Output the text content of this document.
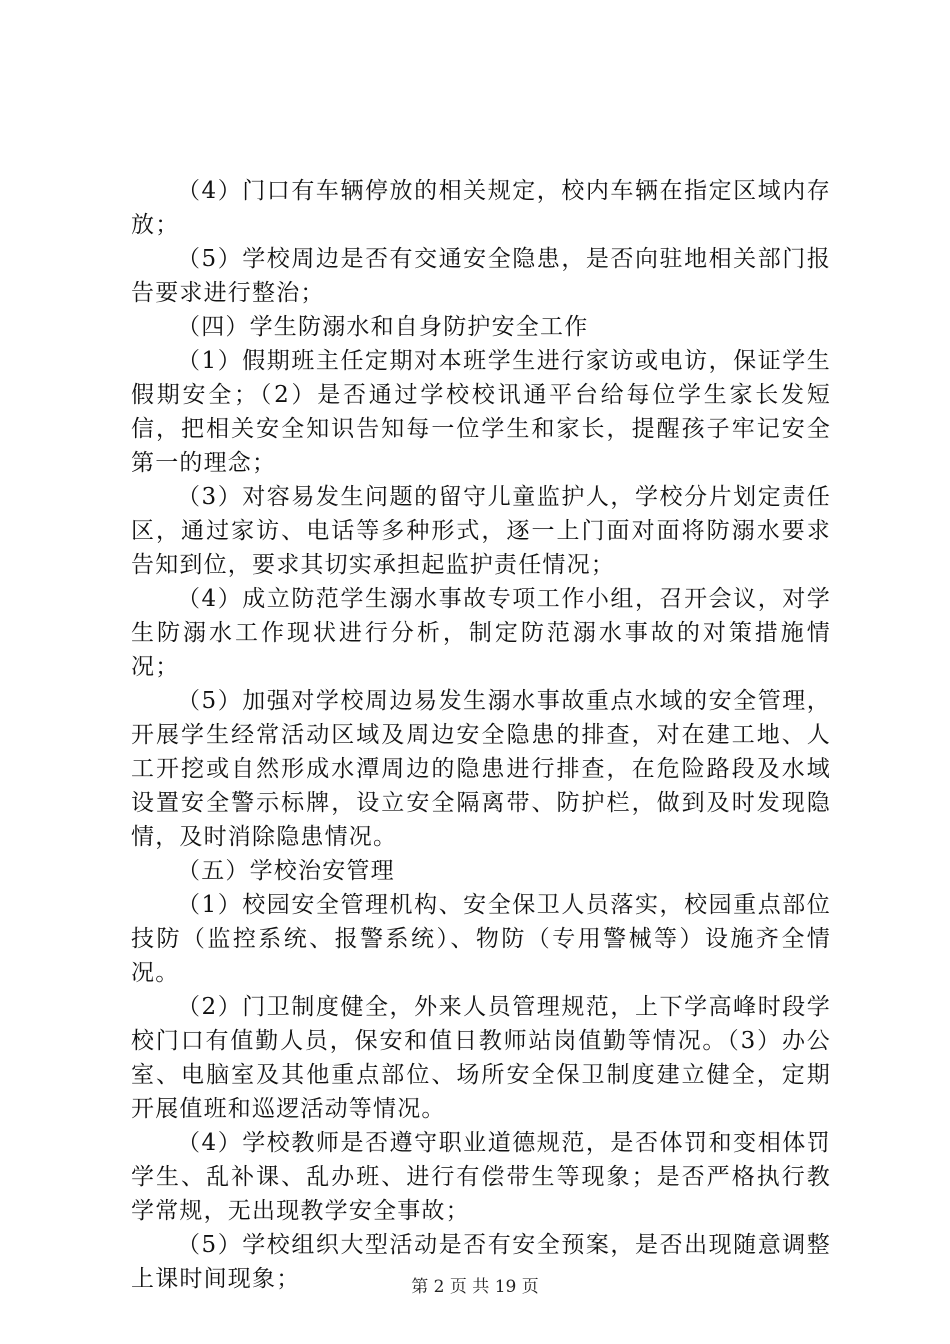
（4）门口有车辆停放的相关规定，校内车辆在指定区域内存放；

（5）学校周边是否有交通安全隐患，是否向驻地相关部门报告要求进行整治；

（四）学生防溺水和自身防护安全工作

（1）假期班主任定期对本班学生进行家访或电访，保证学生假期安全；（2）是否通过学校校讯通平台给每位学生家长发短信，把相关安全知识告知每一位学生和家长，提醒孩子牢记安全第一的理念；

（3）对容易发生问题的留守儿童监护人，学校分片划定责任区，通过家访、电话等多种形式，逐一上门面对面将防溺水要求告知到位，要求其切实承担起监护责任情况；

（4）成立防范学生溺水事故专项工作小组，召开会议，对学生防溺水工作现状进行分析，制定防范溺水事故的对策措施情况；

（5）加强对学校周边易发生溺水事故重点水域的安全管理，开展学生经常活动区域及周边安全隐患的排查，对在建工地、人工开挖或自然形成水潭周边的隐患进行排查，在危险路段及水域设置安全警示标牌，设立安全隔离带、防护栏，做到及时发现隐情，及时消除隐患情况。

（五）学校治安管理

（1）校园安全管理机构、安全保卫人员落实，校园重点部位技防（监控系统、报警系统）、物防（专用警械等）设施齐全情况。

（2）门卫制度健全，外来人员管理规范，上下学高峰时段学校门口有值勤人员，保安和值日教师站岗值勤等情况。（3）办公室、电脑室及其他重点部位、场所安全保卫制度建立健全，定期开展值班和巡逻活动等情况。

（4）学校教师是否遵守职业道德规范，是否体罚和变相体罚学生、乱补课、乱办班、进行有偿带生等现象；是否严格执行教学常规，无出现教学安全事故；

（5）学校组织大型活动是否有安全预案，是否出现随意调整上课时间现象；	第 2 页 共 19 页
